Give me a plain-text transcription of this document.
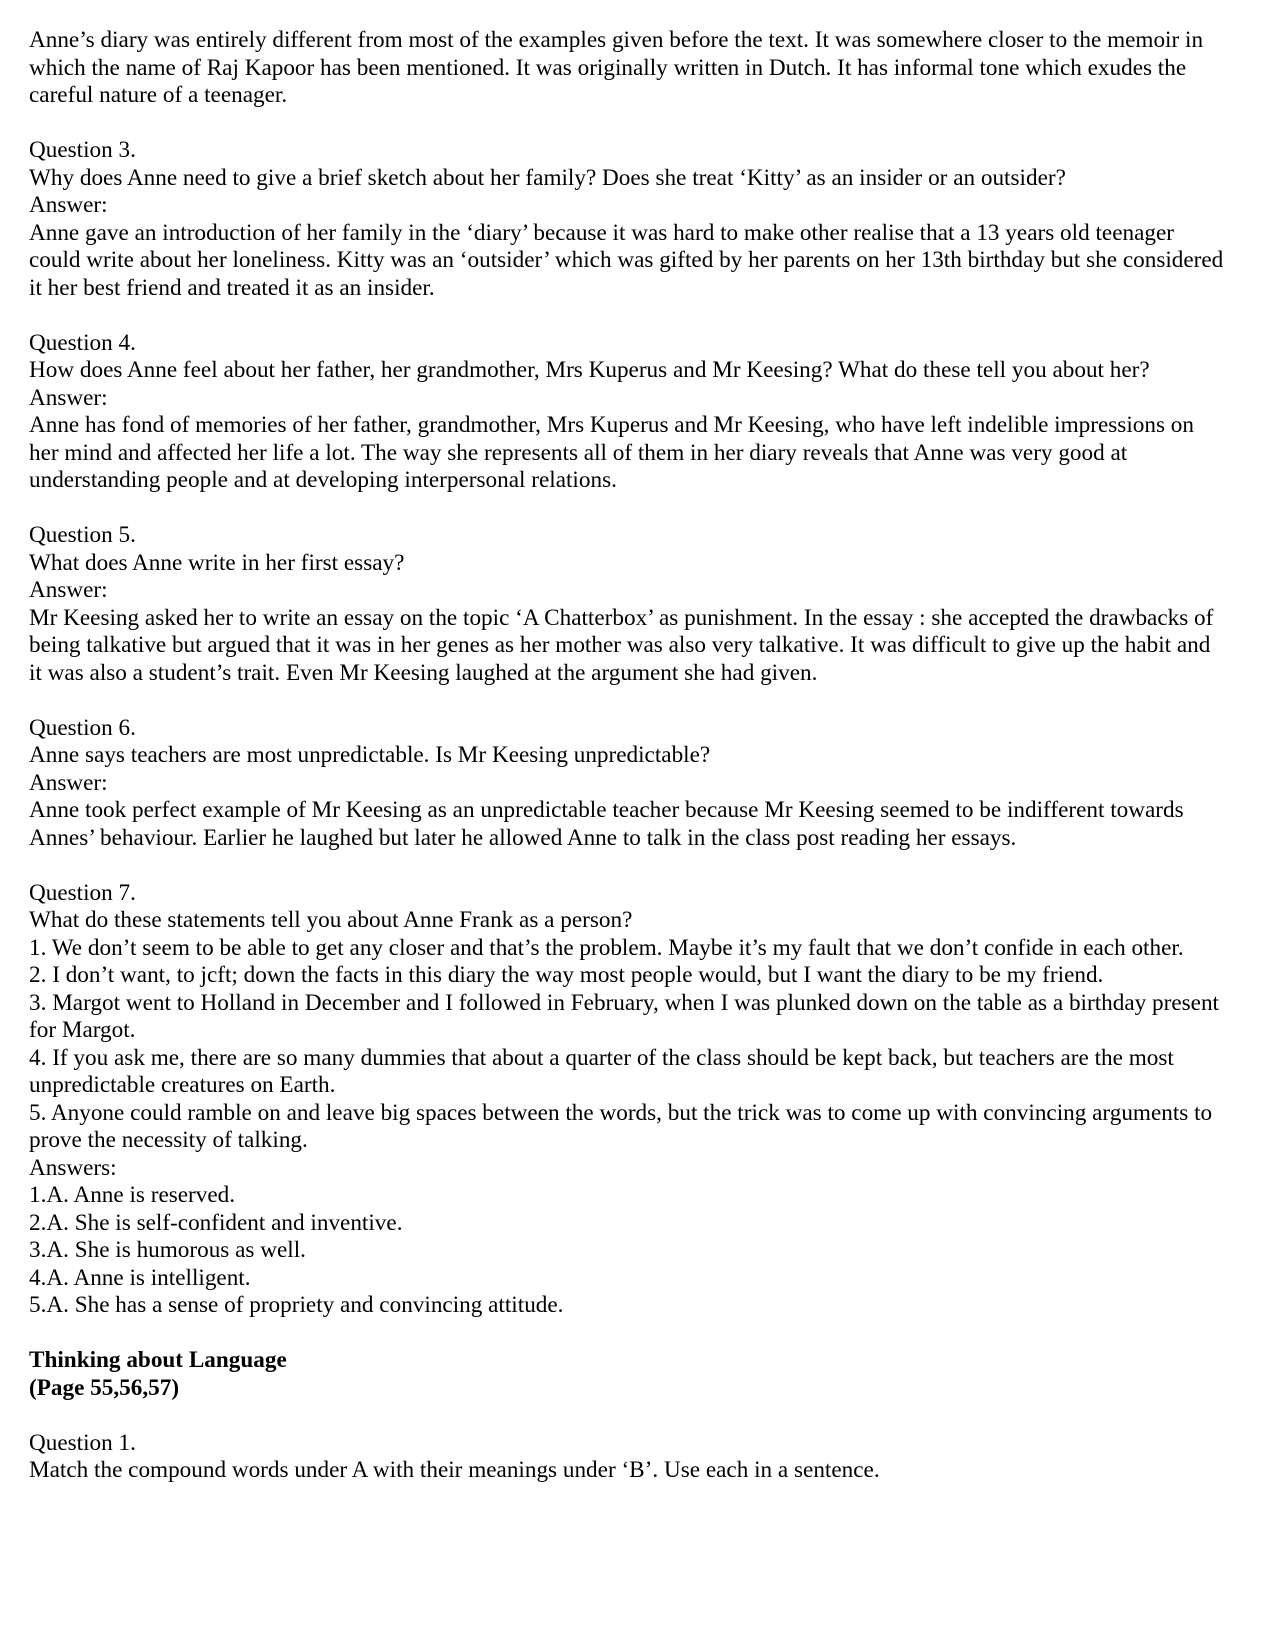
Anne’s diary was entirely different from most of the examples given before the text. It was somewhere closer to the memoir in which the name of Raj Kapoor has been mentioned. It was originally written in Dutch. It has informal tone which exudes the careful nature of a teenager.

Question 3.
Why does Anne need to give a brief sketch about her family? Does she treat ‘Kitty’ as an insider or an outsider?
Answer:
Anne gave an introduction of her family in the ‘diary’ because it was hard to make other realise that a 13 years old teenager could write about her loneliness. Kitty was an ‘outsider’ which was gifted by her parents on her 13th birthday but she considered it her best friend and treated it as an insider.
Question 4.
How does Anne feel about her father, her grandmother, Mrs Kuperus and Mr Keesing? What do these tell you about her?
Answer:
Anne has fond of memories of her father, grandmother, Mrs Kuperus and Mr Keesing, who have left indelible impressions on her mind and affected her life a lot. The way she represents all of them in her diary reveals that Anne was very good at understanding people and at developing interpersonal relations.
Question 5.
What does Anne write in her first essay?
Answer:
Mr Keesing asked her to write an essay on the topic ‘A Chatterbox’ as punishment. In the essay : she accepted the drawbacks of being talkative but argued that it was in her genes as her mother was also very talkative. It was difficult to give up the habit and it was also a student’s trait. Even Mr Keesing laughed at the argument she had given.
Question 6.
Anne says teachers are most unpredictable. Is Mr Keesing unpredictable?
Answer:
Anne took perfect example of Mr Keesing as an unpredictable teacher because Mr Keesing seemed to be indifferent towards Annes’ behaviour. Earlier he laughed but later he allowed Anne to talk in the class post reading her essays.
Question 7.
What do these statements tell you about Anne Frank as a person?
1. We don’t seem to be able to get any closer and that’s the problem. Maybe it’s my fault that we don’t confide in each other.
2. I don’t want, to jcft; down the facts in this diary the way most people would, but I want the diary to be my friend.
3. Margot went to Holland in December and I followed in February, when I was plunked down on the table as a birthday present for Margot.
4. If you ask me, there are so many dummies that about a quarter of the class should be kept back, but teachers are the most unpredictable creatures on Earth.
5. Anyone could ramble on and leave big spaces between the words, but the trick was to come up with convincing arguments to prove the necessity of talking.
Answers:
1.A. Anne is reserved.
2.A. She is self-confident and inventive.
3.A. She is humorous as well.
4.A. Anne is intelligent.
5.A. She has a sense of propriety and convincing attitude.
Thinking about Language
(Page 55,56,57)
Question 1.
Match the compound words under A with their meanings under ‘B’. Use each in a sentence.
